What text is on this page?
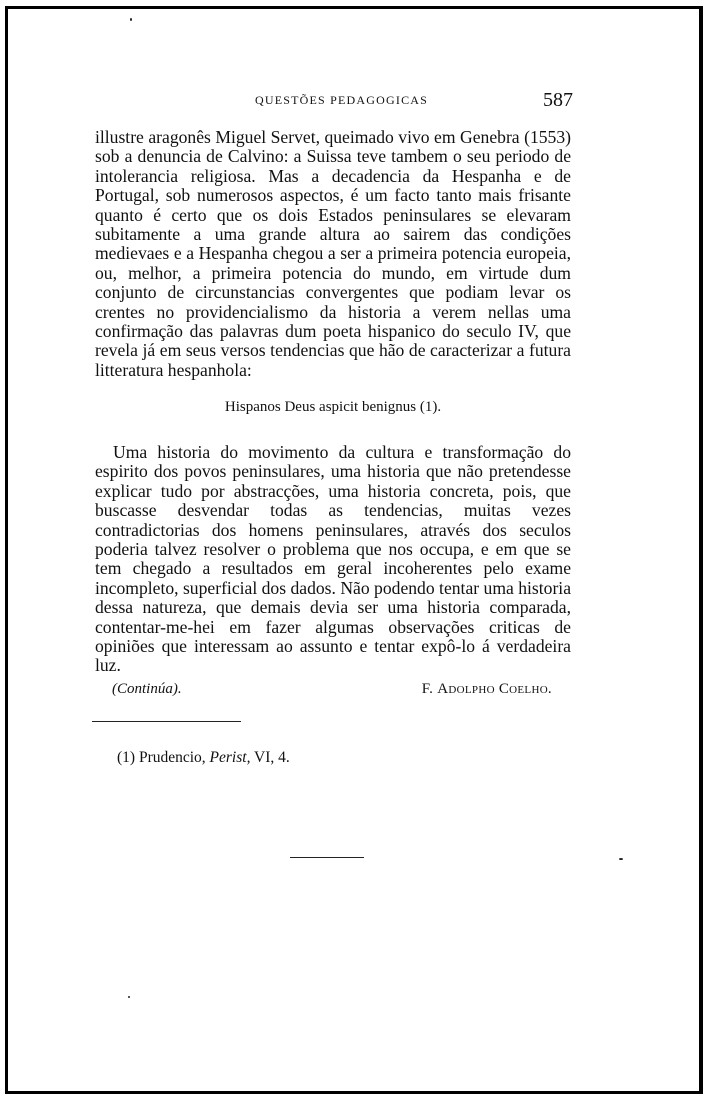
QUESTÕES PEDAGOGICAS	587

illustre aragonês Miguel Servet, queimado vivo em Genebra (1553) sob a denuncia de Calvino: a Suissa teve tambem o seu periodo de intolerancia religiosa. Mas a decadencia da Hespanha e de Portugal, sob numerosos aspectos, é um facto tanto mais frisante quanto é certo que os dois Estados peninsulares se elevaram subitamente a uma grande altura ao sairem das condições medievaes e a Hespanha chegou a ser a primeira potencia europeia, ou, melhor, a primeira potencia do mundo, em virtude dum conjunto de circunstancias convergentes que podiam levar os crentes no providencialismo da historia a verem nellas uma confirmação das palavras dum poeta hispanico do seculo IV, que revela já em seus versos tendencias que hão de caracterizar a futura litteratura hespanhola:

Hispanos Deus aspicit benignus (1).

Uma historia do movimento da cultura e transformação do espirito dos povos peninsulares, uma historia que não pretendesse explicar tudo por abstracções, uma historia concreta, pois, que buscasse desvendar todas as tendencias, muitas vezes contradictorias dos homens peninsulares, através dos seculos poderia talvez resolver o problema que nos occupa, e em que se tem chegado a resultados em geral incoherentes pelo exame incompleto, superficial dos dados. Não podendo tentar uma historia dessa natureza, que demais devia ser uma historia comparada, contentar-me-hei em fazer algumas observações criticas de opiniões que interessam ao assunto e tentar expô-lo á verdadeira luz.

(Continúa).	F. Adolpho Coelho.
(1) Prudencio, Perist, VI, 4.
